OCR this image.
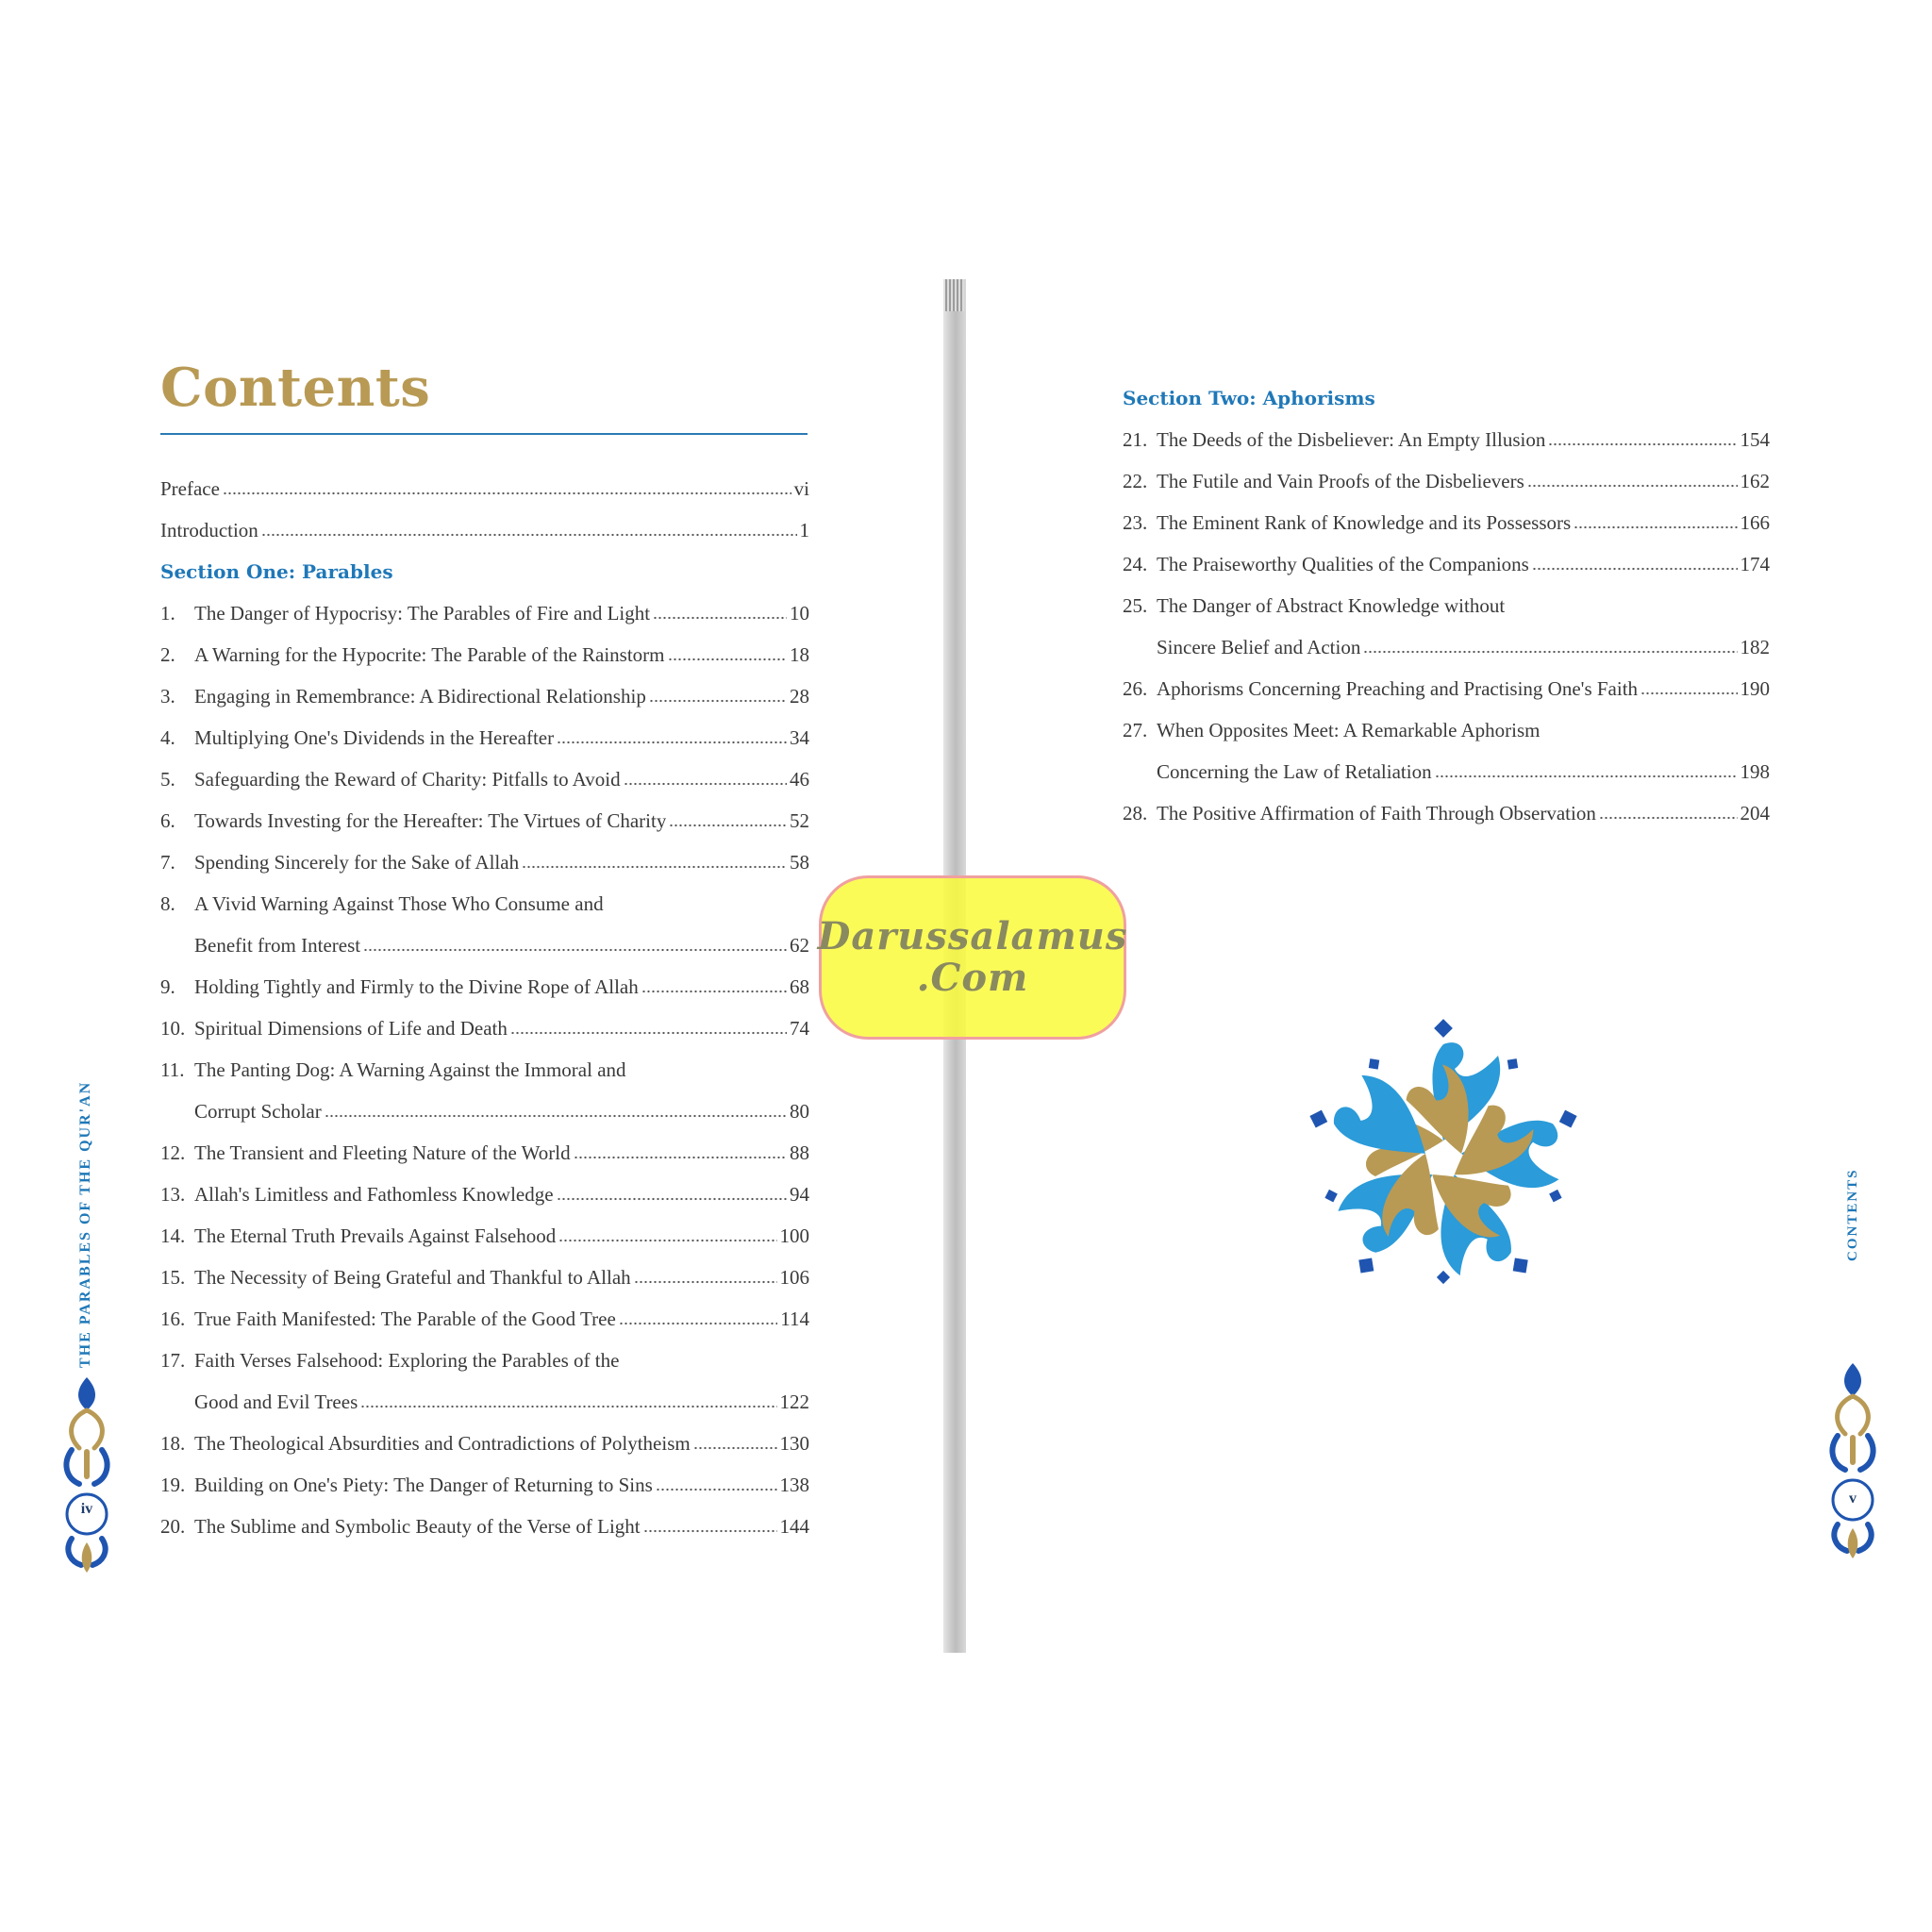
Contents
Preface	vi
Introduction	1
Section One: Parables
1. The Danger of Hypocrisy: The Parables of Fire and Light	10
2. A Warning for the Hypocrite: The Parable of the Rainstorm	18
3. Engaging in Remembrance: A Bidirectional Relationship	28
4. Multiplying One's Dividends in the Hereafter	34
5. Safeguarding the Reward of Charity: Pitfalls to Avoid	46
6. Towards Investing for the Hereafter: The Virtues of Charity	52
7. Spending Sincerely for the Sake of Allah	58
8. A Vivid Warning Against Those Who Consume and
Benefit from Interest	62
9. Holding Tightly and Firmly to the Divine Rope of Allah	68
10. Spiritual Dimensions of Life and Death	74
11. The Panting Dog: A Warning Against the Immoral and
Corrupt Scholar	80
12. The Transient and Fleeting Nature of the World	88
13. Allah's Limitless and Fathomless Knowledge	94
14. The Eternal Truth Prevails Against Falsehood	100
15. The Necessity of Being Grateful and Thankful to Allah	106
16. True Faith Manifested: The Parable of the Good Tree	114
17. Faith Verses Falsehood: Exploring the Parables of the
Good and Evil Trees	122
18. The Theological Absurdities and Contradictions of Polytheism	130
19. Building on One's Piety: The Danger of Returning to Sins	138
20. The Sublime and Symbolic Beauty of the Verse of Light	144
THE PARABLES OF THE QUR'AN
iv
Section Two: Aphorisms
21. The Deeds of the Disbeliever: An Empty Illusion	154
22. The Futile and Vain Proofs of the Disbelievers	162
23. The Eminent Rank of Knowledge and its Possessors	166
24. The Praiseworthy Qualities of the Companions	174
25. The Danger of Abstract Knowledge without
Sincere Belief and Action	182
26. Aphorisms Concerning Preaching and Practising One's Faith	190
27. When Opposites Meet: A Remarkable Aphorism
Concerning the Law of Retaliation	198
28. The Positive Affirmation of Faith Through Observation	204
CONTENTS
v
Darussalamus
.Com
